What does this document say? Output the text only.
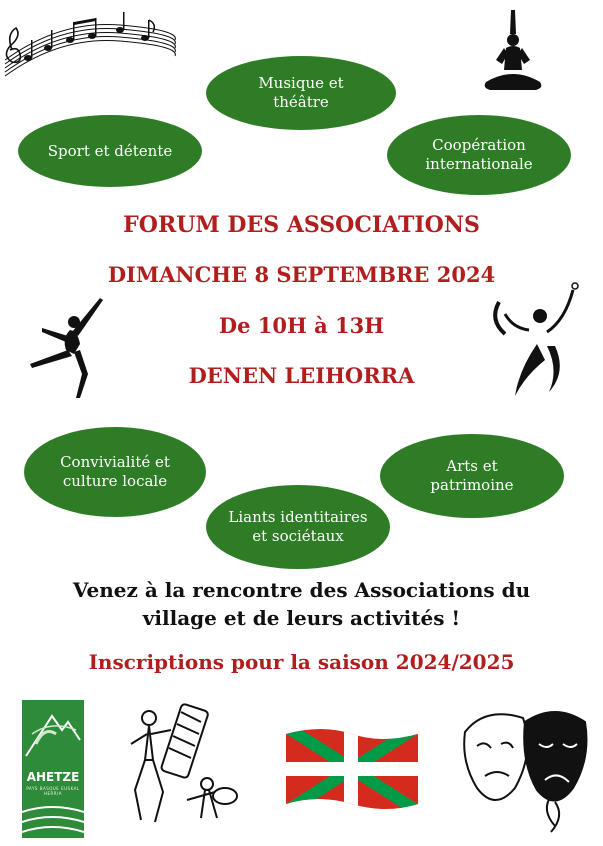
Musique et
théâtre
Sport et détente	Coopération
internationale
FORUM DES ASSOCIATIONS
DIMANCHE 8 SEPTEMBRE 2024
De 10H à 13H
DENEN LEIHORRA
Convivialité et
culture locale
Arts et
patrimoine
Liants identitaires
et sociétaux
Venez à la rencontre des Associations du
village et de leurs activités !
Inscriptions pour la saison 2024/2025
AHETZE
PAYS BASQUE EUSKAL HERRIA
